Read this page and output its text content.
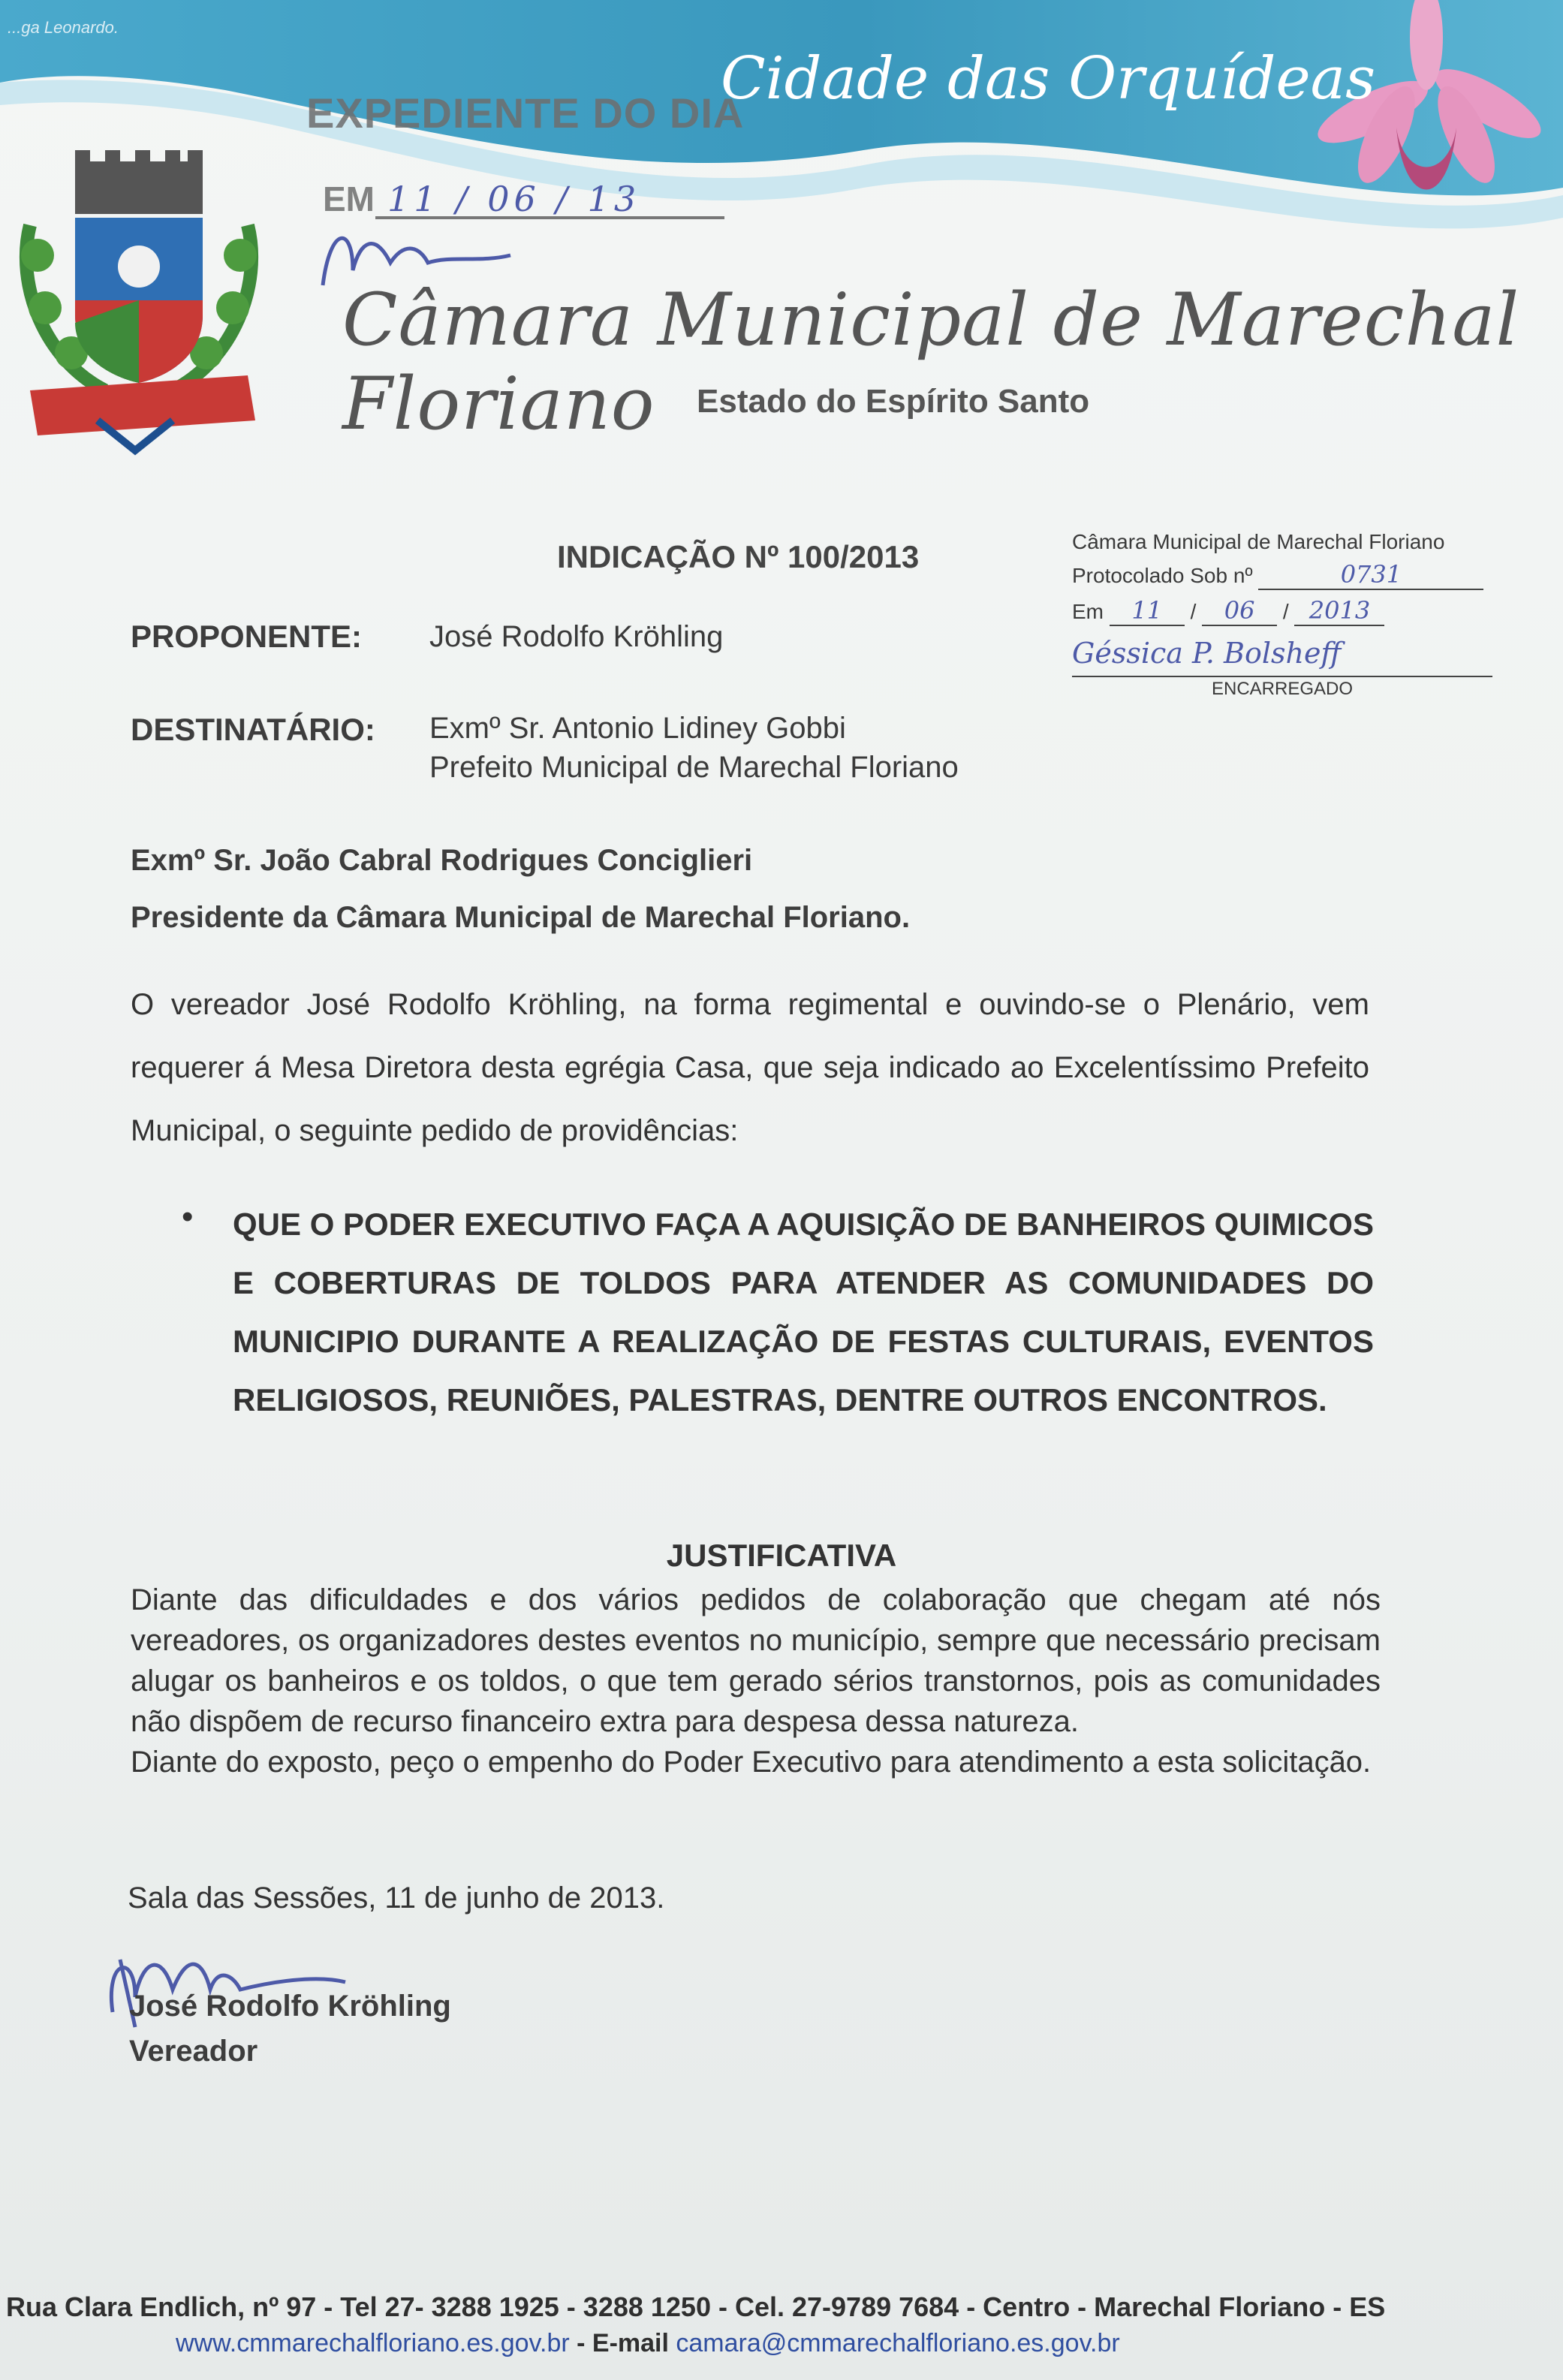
...ga Leonardo.

EXPEDIENTE DO DIA

EM 11 / 06 / 13

Cidade das Orquídeas

Câmara Municipal de Marechal Floriano	Estado do Espírito Santo

Câmara Municipal de Marechal Floriano
Protocolado Sob nº	0731
Em 11 / 06 / 2013
Géssica P. Bolsheff
ENCARREGADO

INDICAÇÃO Nº 100/2013

PROPONENTE: José Rodolfo Kröhling

DESTINATÁRIO: Exmº Sr. Antonio Lidiney Gobbi

Prefeito Municipal de Marechal Floriano

Exmº Sr. João Cabral Rodrigues Conciglieri

Presidente da Câmara Municipal de Marechal Floriano.

O vereador José Rodolfo Kröhling, na forma regimental e ouvindo-se o Plenário, vem requerer á Mesa Diretora desta egrégia Casa, que seja indicado ao Excelentíssimo Prefeito Municipal, o seguinte pedido de providências:

• QUE O PODER EXECUTIVO FAÇA A AQUISIÇÃO DE BANHEIROS QUIMICOS E COBERTURAS DE TOLDOS PARA ATENDER AS COMUNIDADES DO MUNICIPIO DURANTE A REALIZAÇÃO DE FESTAS CULTURAIS, EVENTOS RELIGIOSOS, REUNIÕES, PALESTRAS, DENTRE OUTROS ENCONTROS.

JUSTIFICATIVA

Diante das dificuldades e dos vários pedidos de colaboração que chegam até nós vereadores, os organizadores destes eventos no município, sempre que necessário precisam alugar os banheiros e os toldos, o que tem gerado sérios transtornos, pois as comunidades não dispõem de recurso financeiro extra para despesa dessa natureza.
Diante do exposto, peço o empenho do Poder Executivo para atendimento a esta solicitação.

Sala das Sessões, 11 de junho de 2013.

José Rodolfo Kröhling

Vereador

Rua Clara Endlich, nº 97 - Tel 27- 3288 1925 - 3288 1250 - Cel. 27-9789 7684 - Centro - Marechal Floriano - ES

www.cmmarechalfloriano.es.gov.br - E-mail camara@cmmarechalfloriano.es.gov.br
